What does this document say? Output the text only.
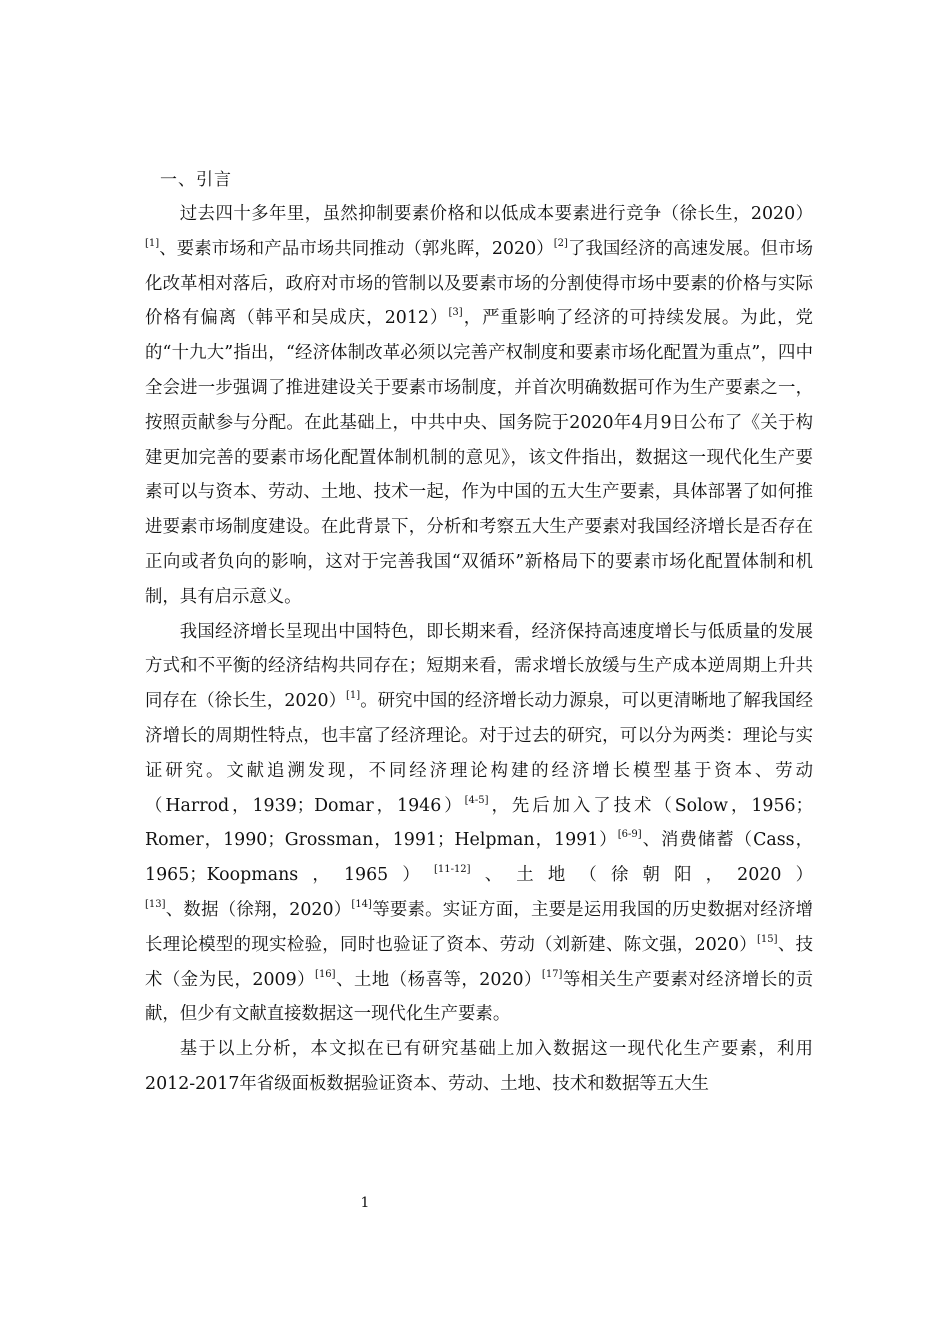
一、引言

过去四十多年里，虽然抑制要素价格和以低成本要素进行竞争（徐长生，2020）[1]、要素市场和产品市场共同推动（郭兆晖，2020）[2]了我国经济的高速发展。但市场化改革相对落后，政府对市场的管制以及要素市场的分割使得市场中要素的价格与实际价格有偏离（韩平和吴成庆，2012）[3]，严重影响了经济的可持续发展。为此，党的“十九大”指出，“经济体制改革必须以完善产权制度和要素市场化配置为重点”，四中全会进一步强调了推进建设关于要素市场制度，并首次明确数据可作为生产要素之一，按照贡献参与分配。在此基础上，中共中央、国务院于2020年4月9日公布了《关于构建更加完善的要素市场化配置体制机制的意见》，该文件指出，数据这一现代化生产要素可以与资本、劳动、土地、技术一起，作为中国的五大生产要素，具体部署了如何推进要素市场制度建设。在此背景下，分析和考察五大生产要素对我国经济增长是否存在正向或者负向的影响，这对于完善我国“双循环”新格局下的要素市场化配置体制和机制，具有启示意义。

我国经济增长呈现出中国特色，即长期来看，经济保持高速度增长与低质量的发展方式和不平衡的经济结构共同存在；短期来看，需求增长放缓与生产成本逆周期上升共同存在（徐长生，2020）[1]。研究中国的经济增长动力源泉，可以更清晰地了解我国经济增长的周期性特点，也丰富了经济理论。对于过去的研究，可以分为两类：理论与实证研究。文献追溯发现，不同经济理论构建的经济增长模型基于资本、劳动（Harrod，1939；Domar，1946）[4-5]，先后加入了技术（Solow，1956；Romer，1990；Grossman，1991；Helpman，1991）[6-9]、消费储蓄（Cass，1965；Koopmans，1965）[11-12]、土地（徐朝阳，2020）[13]、数据（徐翔，2020）[14]等要素。实证方面，主要是运用我国的历史数据对经济增长理论模型的现实检验，同时也验证了资本、劳动（刘新建、陈文强，2020）[15]、技术（金为民，2009）[16]、土地（杨喜等，2020）[17]等相关生产要素对经济增长的贡献，但少有文献直接数据这一现代化生产要素。

基于以上分析，本文拟在已有研究基础上加入数据这一现代化生产要素，利用2012-2017年省级面板数据验证资本、劳动、土地、技术和数据等五大生

1
